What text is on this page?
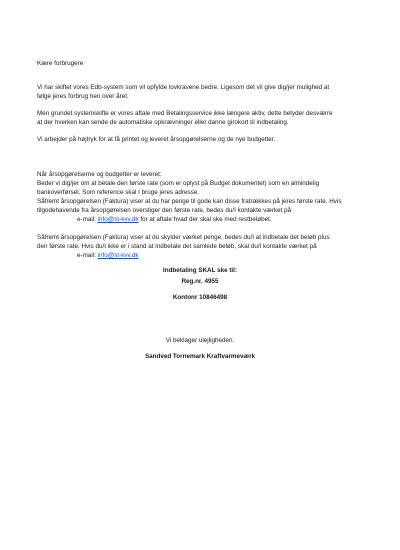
Kære forbrugere
Vi har skiftet vores Edb-system som vil opfylde lovkravene bedre. Ligesom det vil give dig/jer mulighed at
følge jeres forbrug hen over året.
Men grundet systemskifte er vores aftale med Betalingsservice ikke længere aktiv, dette betyder desværre
at der hverken kan sende de automatiske opkrævninger eller danne girokort til indbetaling.
Vi arbejder på højtryk for at få printet og leveret årsopgørelserne og de nye budgetter.
Når årsopgørelserne og budgetter er leveret:
Beder vi dig/jer om at betale den første rate (som er oplyst på Budget dokumentet) som en almindelig
bankoverførsel. Som reference skal I bruge jeres adresse.
Såfremt årsopgørelsen (Faktura) viser at du har penge til gode kan disse fratrækkes på jeres første rate. Hvis
tilgodehavende fra årsopgørelsen overstiger den første rate, bedes du/I kontakte værket på
e-mail: info@st-kvv.dk for at aftale hvad der skal ske med restbeløbet.
Såfremt årsopgørelsen (Faktura) viser at du skylder værket penge, bedes du/I at indbetale det beløb plus
den første rate. Hvis du/I ikke er i stand at indbetale det samlede beløb, skal du/I kontakte værket på
e-mail: info@st-kvv.dk
Indbetaling SKAL ske til:
Reg.nr. 4955
Kontonr 10846498
Vi beklager ulejligheden.
Sandved Tornemark Kraftvarmeværk
